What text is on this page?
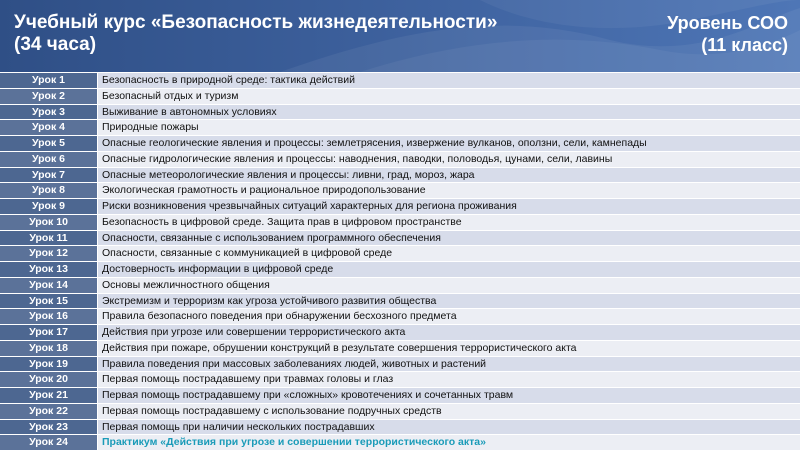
Учебный курс «Безопасность жизнедеятельности»
(34 часа)
Уровень СОО
(11 класс)
Урок 1	Безопасность в природной среде: тактика действий
Урок 2	Безопасный отдых и туризм
Урок 3	Выживание в автономных условиях
Урок 4	Природные пожары
Урок 5	Опасные геологические явления и процессы: землетрясения, извержение вулканов, оползни, сели, камнепады
Урок 6	Опасные гидрологические явления и процессы: наводнения, паводки, половодья, цунами, сели, лавины
Урок 7	Опасные метеорологические явления и процессы: ливни, град, мороз, жара
Урок 8	Экологическая грамотность и рациональное природопользование
Урок 9	Риски возникновения чрезвычайных ситуаций характерных для региона проживания
Урок 10	Безопасность в цифровой среде. Защита прав в цифровом пространстве
Урок 11	Опасности, связанные с использованием программного обеспечения
Урок 12	Опасности, связанные с коммуникацией в цифровой среде
Урок 13	Достоверность информации в цифровой среде
Урок 14	Основы межличностного общения
Урок 15	Экстремизм и терроризм как угроза устойчивого развития общества
Урок 16	Правила безопасного поведения при обнаружении бесхозного предмета
Урок 17	Действия при угрозе или совершении террористического акта
Урок 18	Действия при пожаре, обрушении конструкций в результате совершения террористического акта
Урок 19	Правила поведения при массовых заболеваниях людей, животных и растений
Урок 20	Первая помощь пострадавшему при травмах головы и глаз
Урок 21	Первая помощь пострадавшему при «сложных» кровотечениях и сочетанных травм
Урок 22	Первая помощь пострадавшему с использование подручных средств
Урок 23	Первая помощь при наличии нескольких пострадавших
Урок 24	Практикум «Действия при угрозе и совершении террористического акта»
